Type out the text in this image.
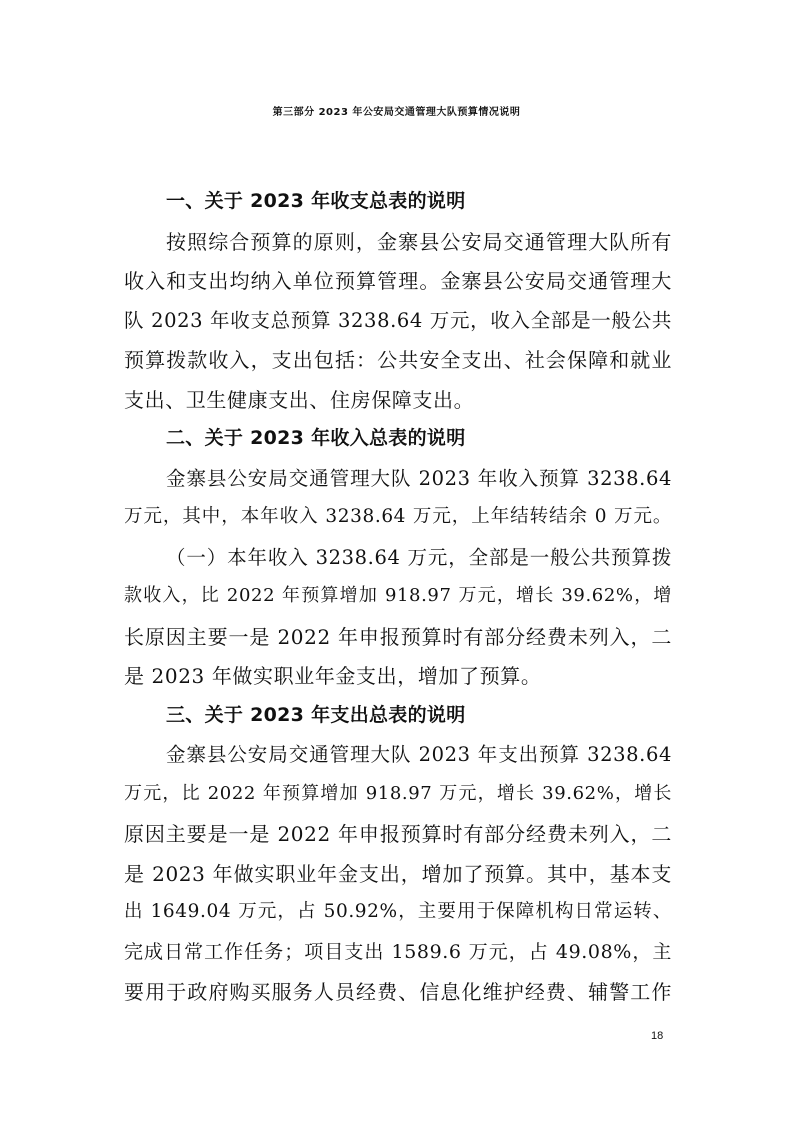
第三部分 2023 年公安局交通管理大队预算情况说明
一、关于 2023 年收支总表的说明
按照综合预算的原则，金寨县公安局交通管理大队所有
收入和支出均纳入单位预算管理。金寨县公安局交通管理大
队 2023 年收支总预算 3238.64 万元，收入全部是一般公共
预算拨款收入，支出包括：公共安全支出、社会保障和就业
支出、卫生健康支出、住房保障支出。
二、关于 2023 年收入总表的说明
金寨县公安局交通管理大队 2023 年收入预算 3238.64
万元，其中，本年收入 3238.64 万元，上年结转结余 0 万元。
（一）本年收入 3238.64 万元，全部是一般公共预算拨
款收入，比 2022 年预算增加 918.97 万元，增长 39.62%，增
长原因主要一是 2022 年申报预算时有部分经费未列入，二
是 2023 年做实职业年金支出，增加了预算。
三、关于 2023 年支出总表的说明
金寨县公安局交通管理大队 2023 年支出预算 3238.64
万元，比 2022 年预算增加 918.97 万元，增长 39.62%，增长
原因主要是一是 2022 年申报预算时有部分经费未列入，二
是 2023 年做实职业年金支出，增加了预算。其中，基本支
出 1649.04 万元，占 50.92%，主要用于保障机构日常运转、
完成日常工作任务；项目支出 1589.6 万元，占 49.08%，主
要用于政府购买服务人员经费、信息化维护经费、辅警工作
18
